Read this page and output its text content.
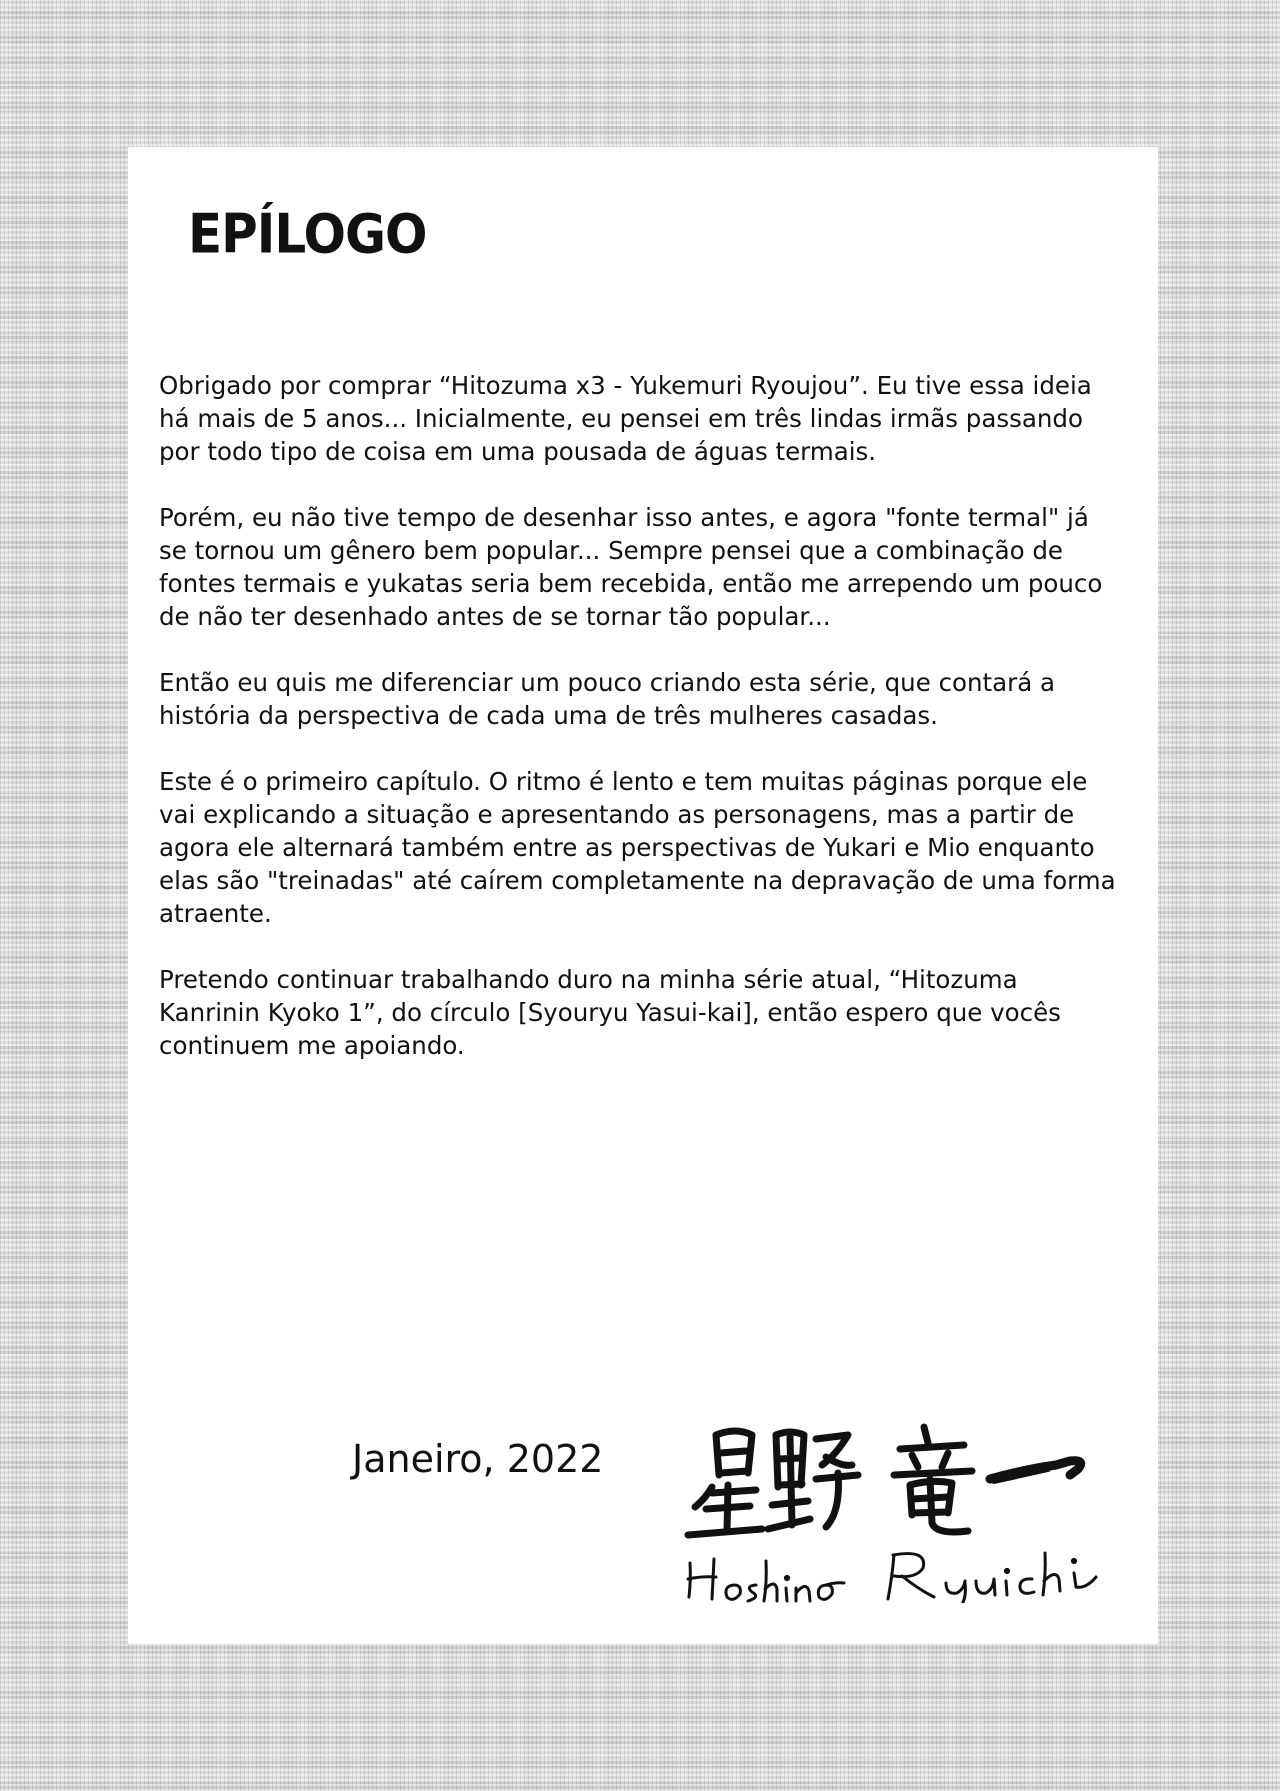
EPÍLOGO

Obrigado por comprar “Hitozuma x3 - Yukemuri Ryoujou”. Eu tive essa ideia há mais de 5 anos... Inicialmente, eu pensei em três lindas irmãs passando por todo tipo de coisa em uma pousada de águas termais.

Porém, eu não tive tempo de desenhar isso antes, e agora "fonte termal" já se tornou um gênero bem popular... Sempre pensei que a combinação de fontes termais e yukatas seria bem recebida, então me arrependo um pouco de não ter desenhado antes de se tornar tão popular...

Então eu quis me diferenciar um pouco criando esta série, que contará a história da perspectiva de cada uma de três mulheres casadas.

Este é o primeiro capítulo. O ritmo é lento e tem muitas páginas porque ele vai explicando a situação e apresentando as personagens, mas a partir de agora ele alternará também entre as perspectivas de Yukari e Mio enquanto elas são "treinadas" até caírem completamente na depravação de uma forma atraente.

Pretendo continuar trabalhando duro na minha série atual, “Hitozuma Kanrinin Kyoko 1”, do círculo [Syouryu Yasui-kai], então espero que vocês continuem me apoiando.

Janeiro, 2022
